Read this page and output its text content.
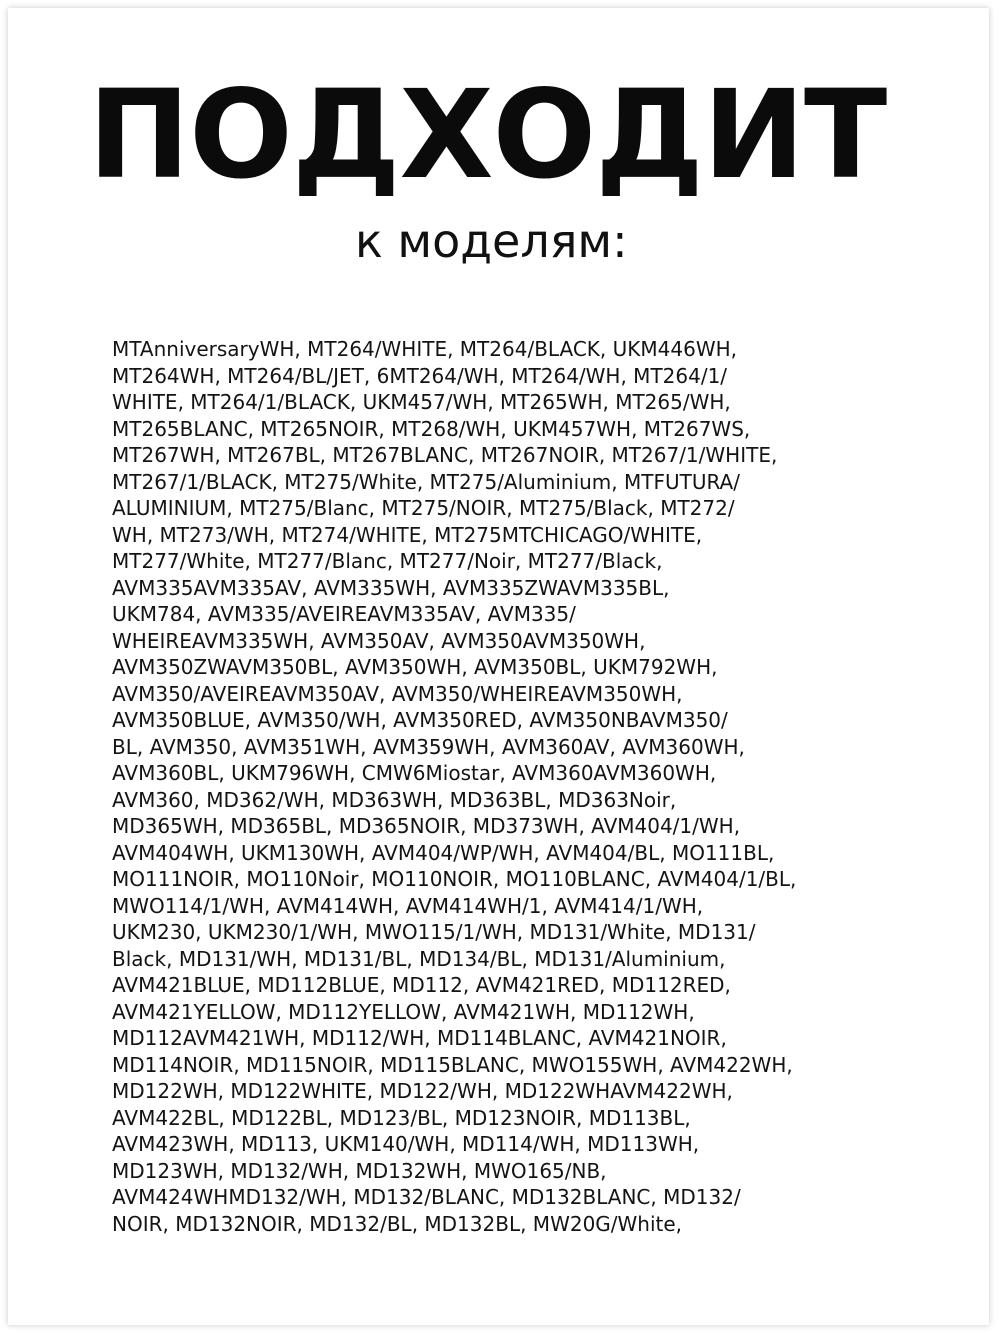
ПОДХОДИТ
к моделям:
MTAnniversaryWH, MT264/WHITE, MT264/BLACK, UKM446WH,
MT264WH, MT264/BL/JET, 6MT264/WH, MT264/WH, MT264/1/
WHITE, MT264/1/BLACK, UKM457/WH, MT265WH, MT265/WH,
MT265BLANC, MT265NOIR, MT268/WH, UKM457WH, MT267WS,
MT267WH, MT267BL, MT267BLANC, MT267NOIR, MT267/1/WHITE,
MT267/1/BLACK, MT275/White, MT275/Aluminium, MTFUTURA/
ALUMINIUM, MT275/Blanc, MT275/NOIR, MT275/Black, MT272/
WH, MT273/WH, MT274/WHITE, MT275MTCHICAGO/WHITE,
MT277/White, MT277/Blanc, MT277/Noir, MT277/Black,
AVM335AVM335AV, AVM335WH, AVM335ZWAVM335BL,
UKM784, AVM335/AVEIREAVM335AV, AVM335/
WHEIREAVM335WH, AVM350AV, AVM350AVM350WH,
AVM350ZWAVM350BL, AVM350WH, AVM350BL, UKM792WH,
AVM350/AVEIREAVM350AV, AVM350/WHEIREAVM350WH,
AVM350BLUE, AVM350/WH, AVM350RED, AVM350NBAVM350/
BL, AVM350, AVM351WH, AVM359WH, AVM360AV, AVM360WH,
AVM360BL, UKM796WH, CMW6Miostar, AVM360AVM360WH,
AVM360, MD362/WH, MD363WH, MD363BL, MD363Noir,
MD365WH, MD365BL, MD365NOIR, MD373WH, AVM404/1/WH,
AVM404WH, UKM130WH, AVM404/WP/WH, AVM404/BL, MO111BL,
MO111NOIR, MO110Noir, MO110NOIR, MO110BLANC, AVM404/1/BL,
MWO114/1/WH, AVM414WH, AVM414WH/1, AVM414/1/WH,
UKM230, UKM230/1/WH, MWO115/1/WH, MD131/White, MD131/
Black, MD131/WH, MD131/BL, MD134/BL, MD131/Aluminium,
AVM421BLUE, MD112BLUE, MD112, AVM421RED, MD112RED,
AVM421YELLOW, MD112YELLOW, AVM421WH, MD112WH,
MD112AVM421WH, MD112/WH, MD114BLANC, AVM421NOIR,
MD114NOIR, MD115NOIR, MD115BLANC, MWO155WH, AVM422WH,
MD122WH, MD122WHITE, MD122/WH, MD122WHAVM422WH,
AVM422BL, MD122BL, MD123/BL, MD123NOIR, MD113BL,
AVM423WH, MD113, UKM140/WH, MD114/WH, MD113WH,
MD123WH, MD132/WH, MD132WH, MWO165/NB,
AVM424WHMD132/WH, MD132/BLANC, MD132BLANC, MD132/
NOIR, MD132NOIR, MD132/BL, MD132BL, MW20G/White,
